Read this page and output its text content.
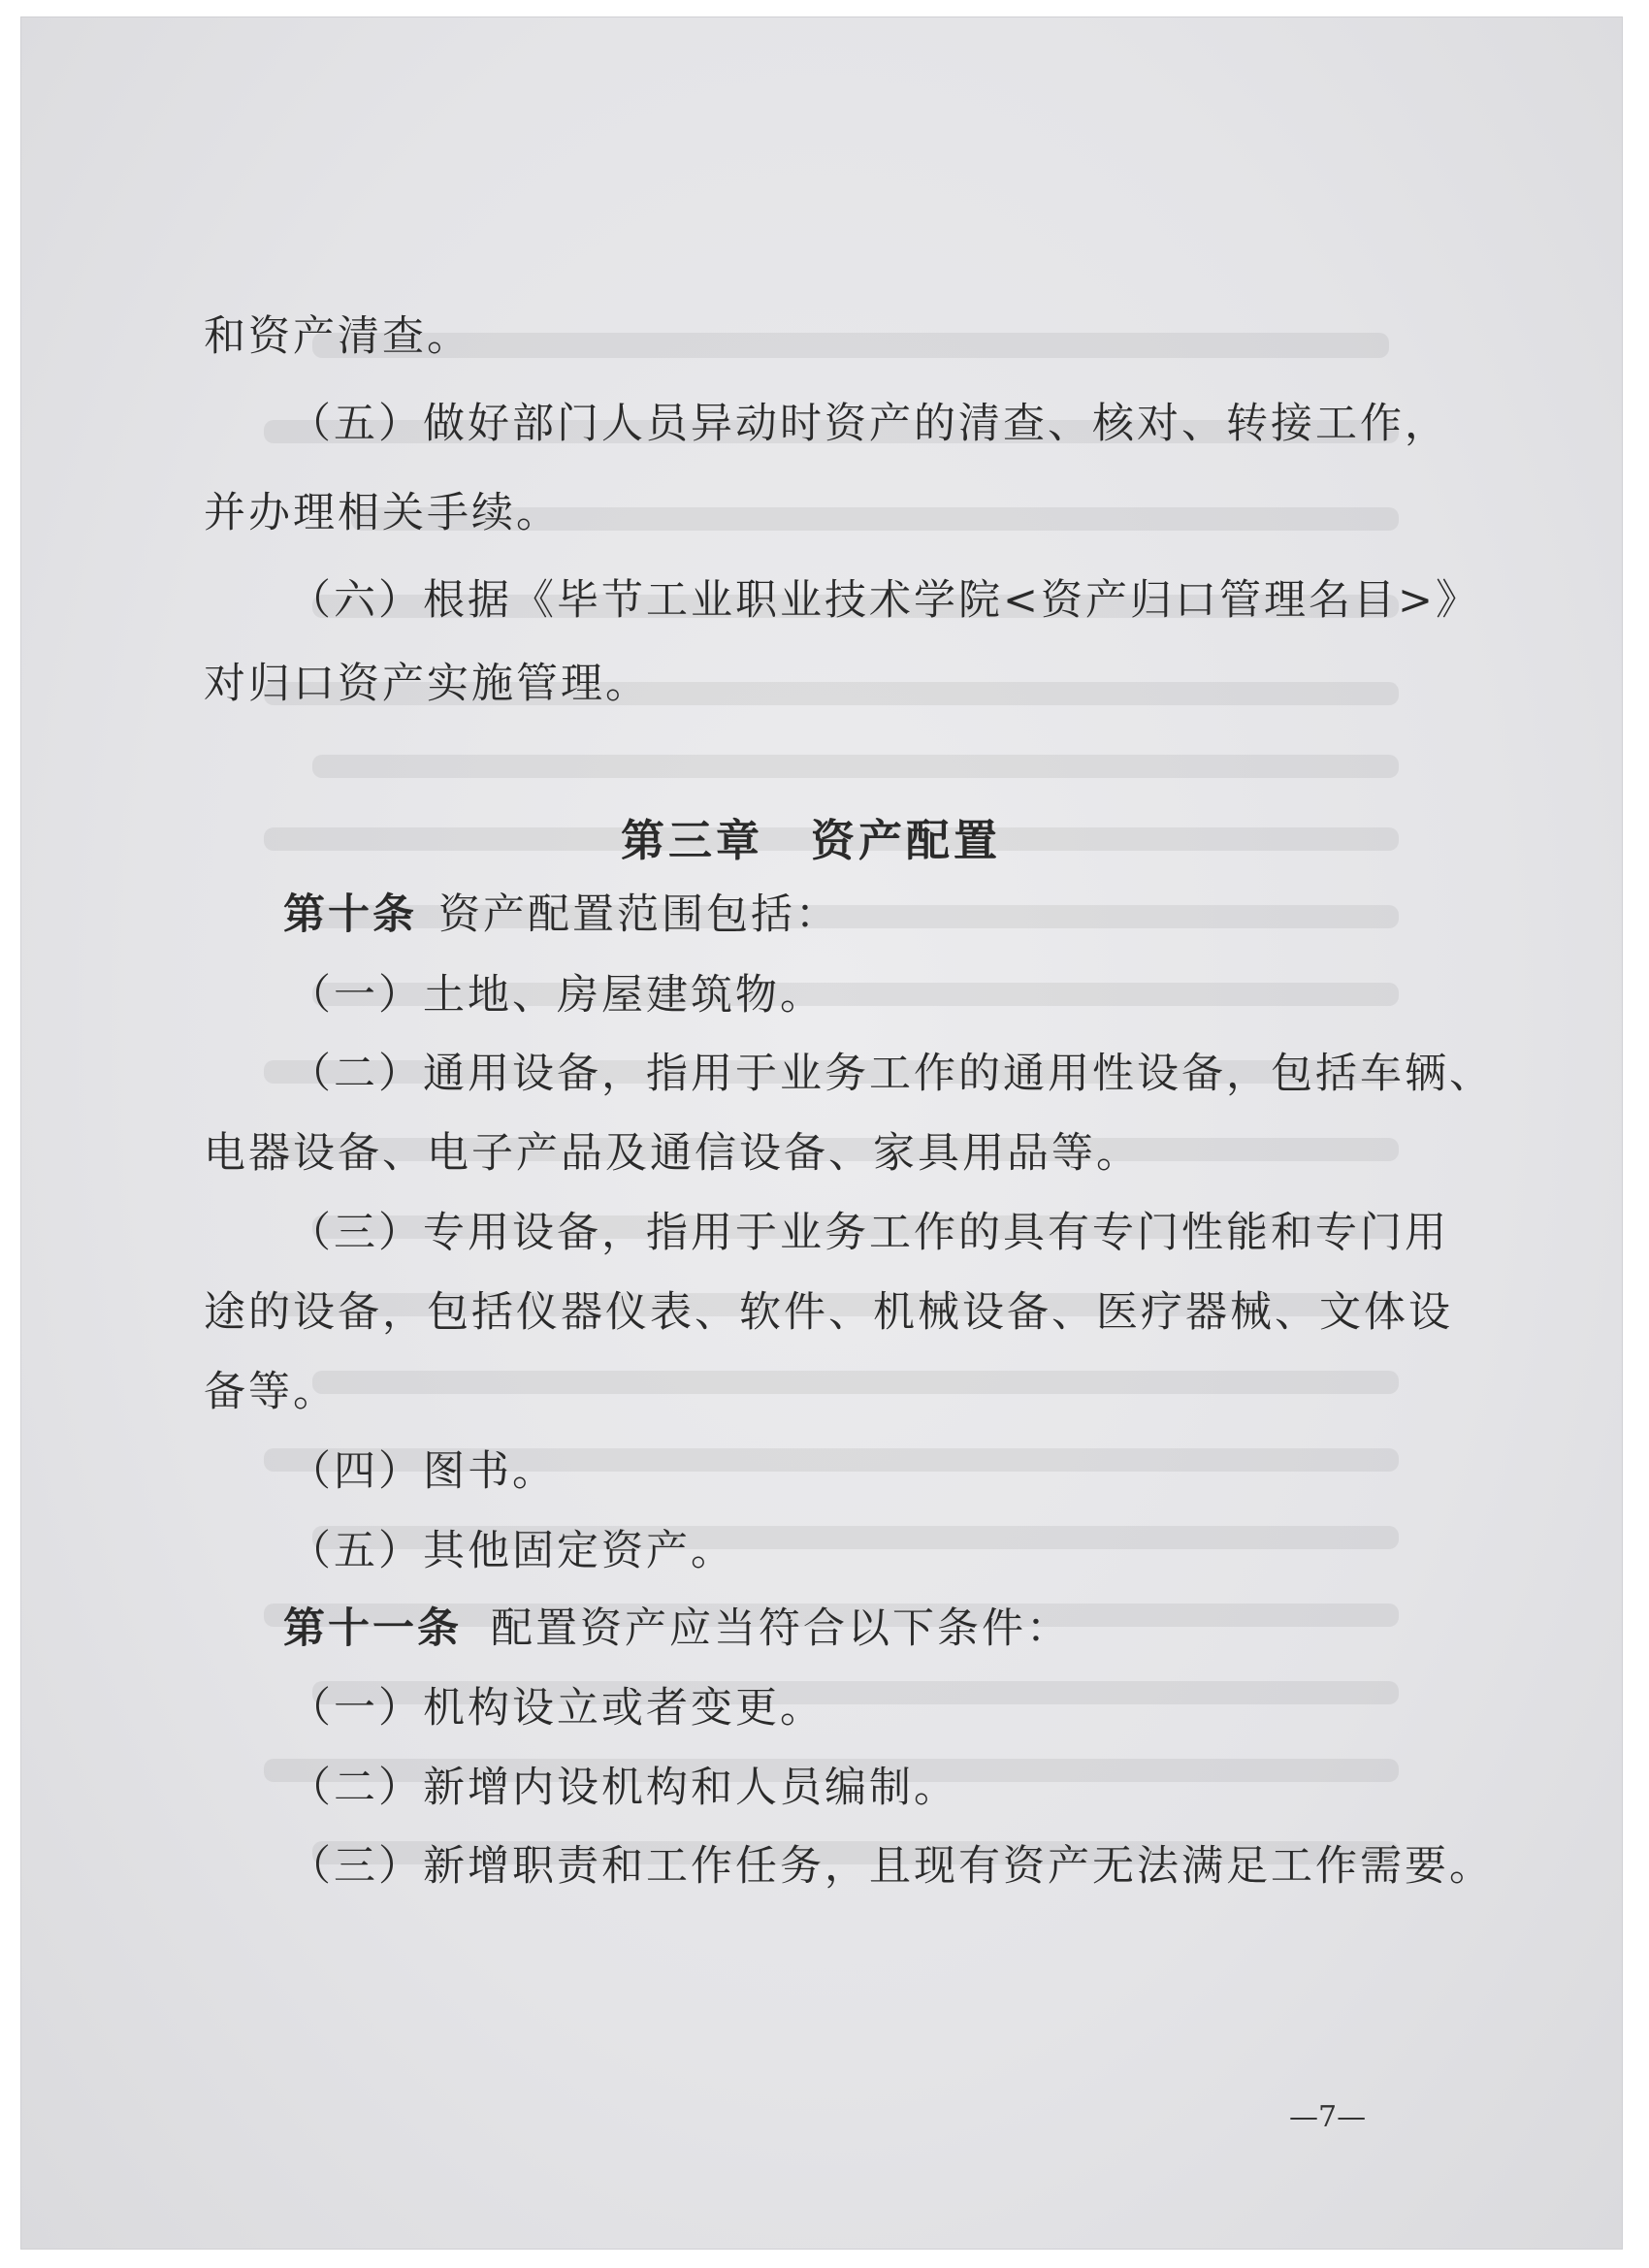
和资产清查。
（五）做好部门人员异动时资产的清查、核对、转接工作，
并办理相关手续。
（六）根据《毕节工业职业技术学院<资产归口管理名目>》
对归口资产实施管理。
第三章　资产配置
第十条 资产配置范围包括：
（一）土地、房屋建筑物。
（二）通用设备，指用于业务工作的通用性设备，包括车辆、
电器设备、电子产品及通信设备、家具用品等。
（三）专用设备，指用于业务工作的具有专门性能和专门用
途的设备，包括仪器仪表、软件、机械设备、医疗器械、文体设
备等。
（四）图书。
（五）其他固定资产。
第十一条 配置资产应当符合以下条件：
（一）机构设立或者变更。
（二）新增内设机构和人员编制。
（三）新增职责和工作任务，且现有资产无法满足工作需要。
—7—
